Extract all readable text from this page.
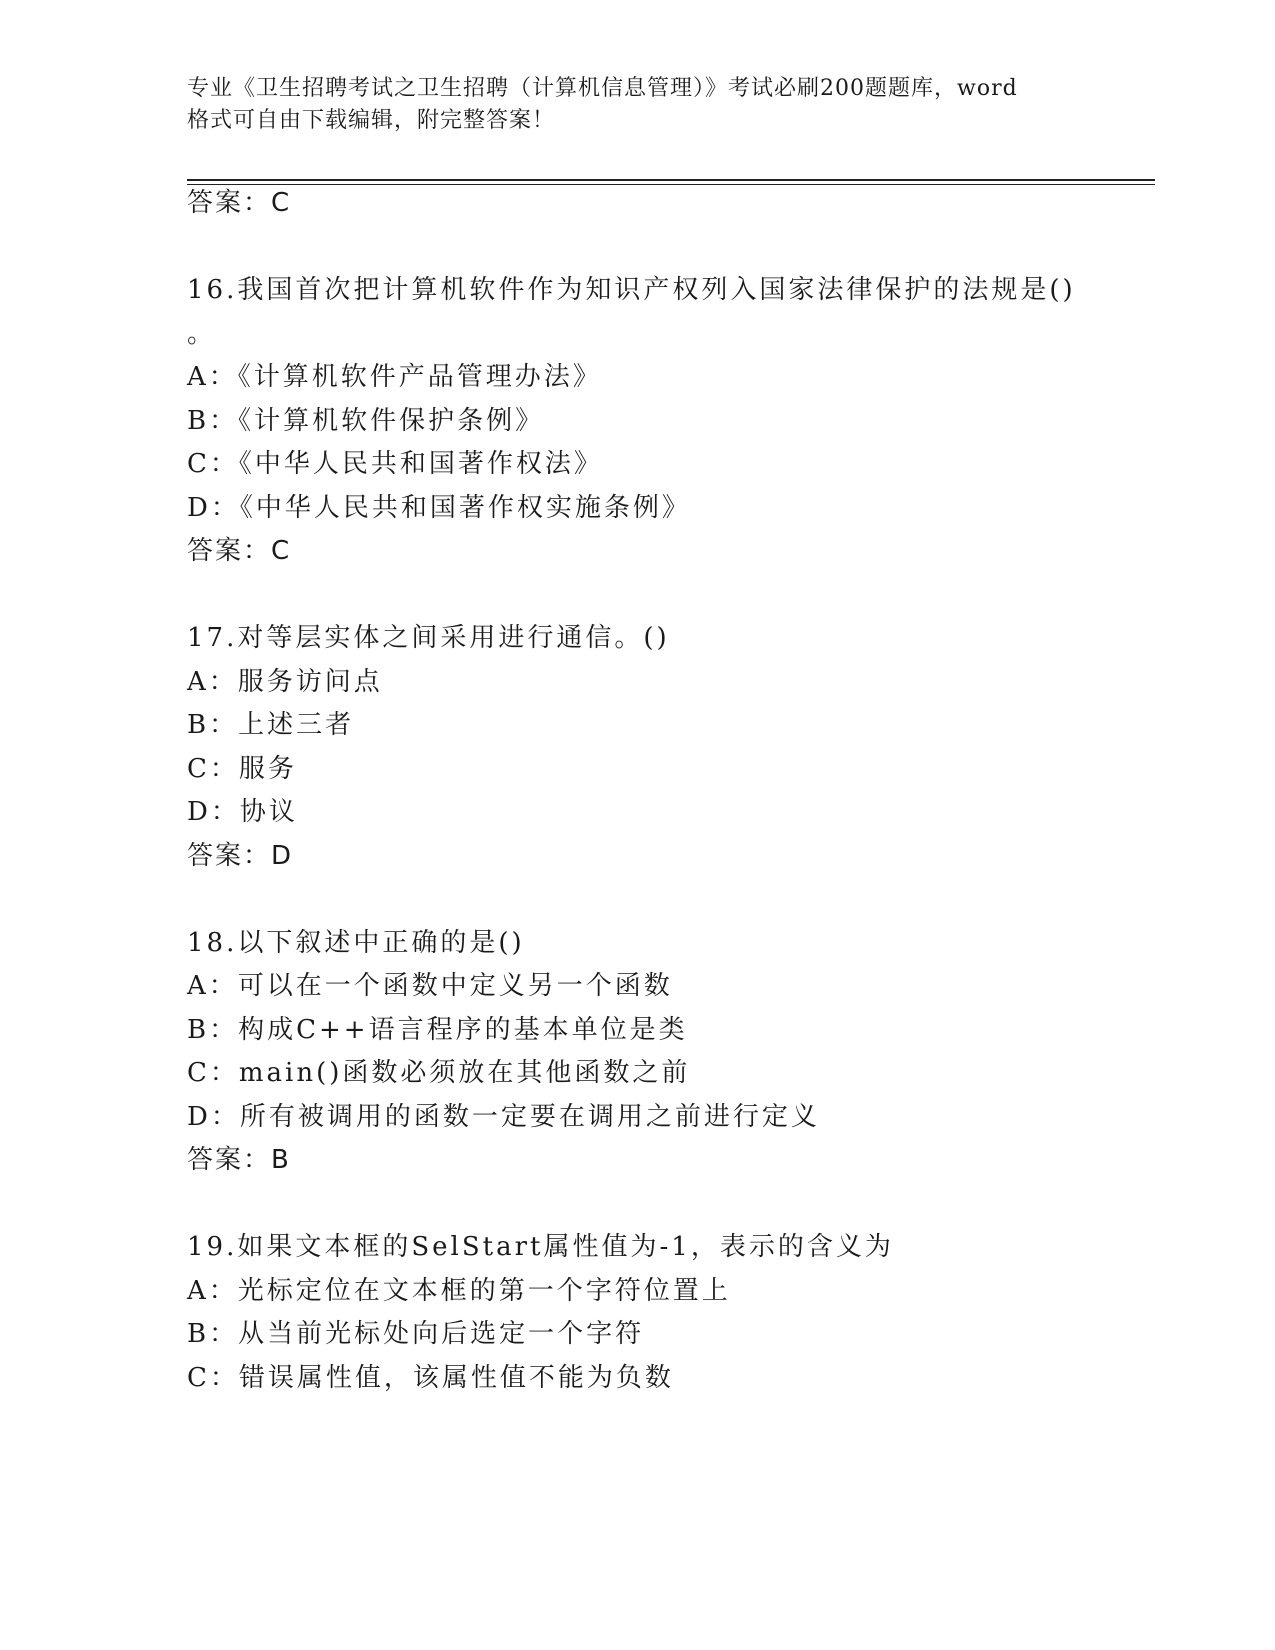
专业《卫生招聘考试之卫生招聘（计算机信息管理）》考试必刷200题题库，word
格式可自由下载编辑，附完整答案！
答案：C
16.我国首次把计算机软件作为知识产权列入国家法律保护的法规是()
。
A：《计算机软件产品管理办法》
B：《计算机软件保护条例》
C：《中华人民共和国著作权法》
D：《中华人民共和国著作权实施条例》
答案：C
17.对等层实体之间采用进行通信。()
A：服务访问点
B：上述三者
C：服务
D：协议
答案：D
18.以下叙述中正确的是()
A：可以在一个函数中定义另一个函数
B：构成C++语言程序的基本单位是类
C：main()函数必须放在其他函数之前
D：所有被调用的函数一定要在调用之前进行定义
答案：B
19.如果文本框的SelStart属性值为-1，表示的含义为
A：光标定位在文本框的第一个字符位置上
B：从当前光标处向后选定一个字符
C：错误属性值，该属性值不能为负数
